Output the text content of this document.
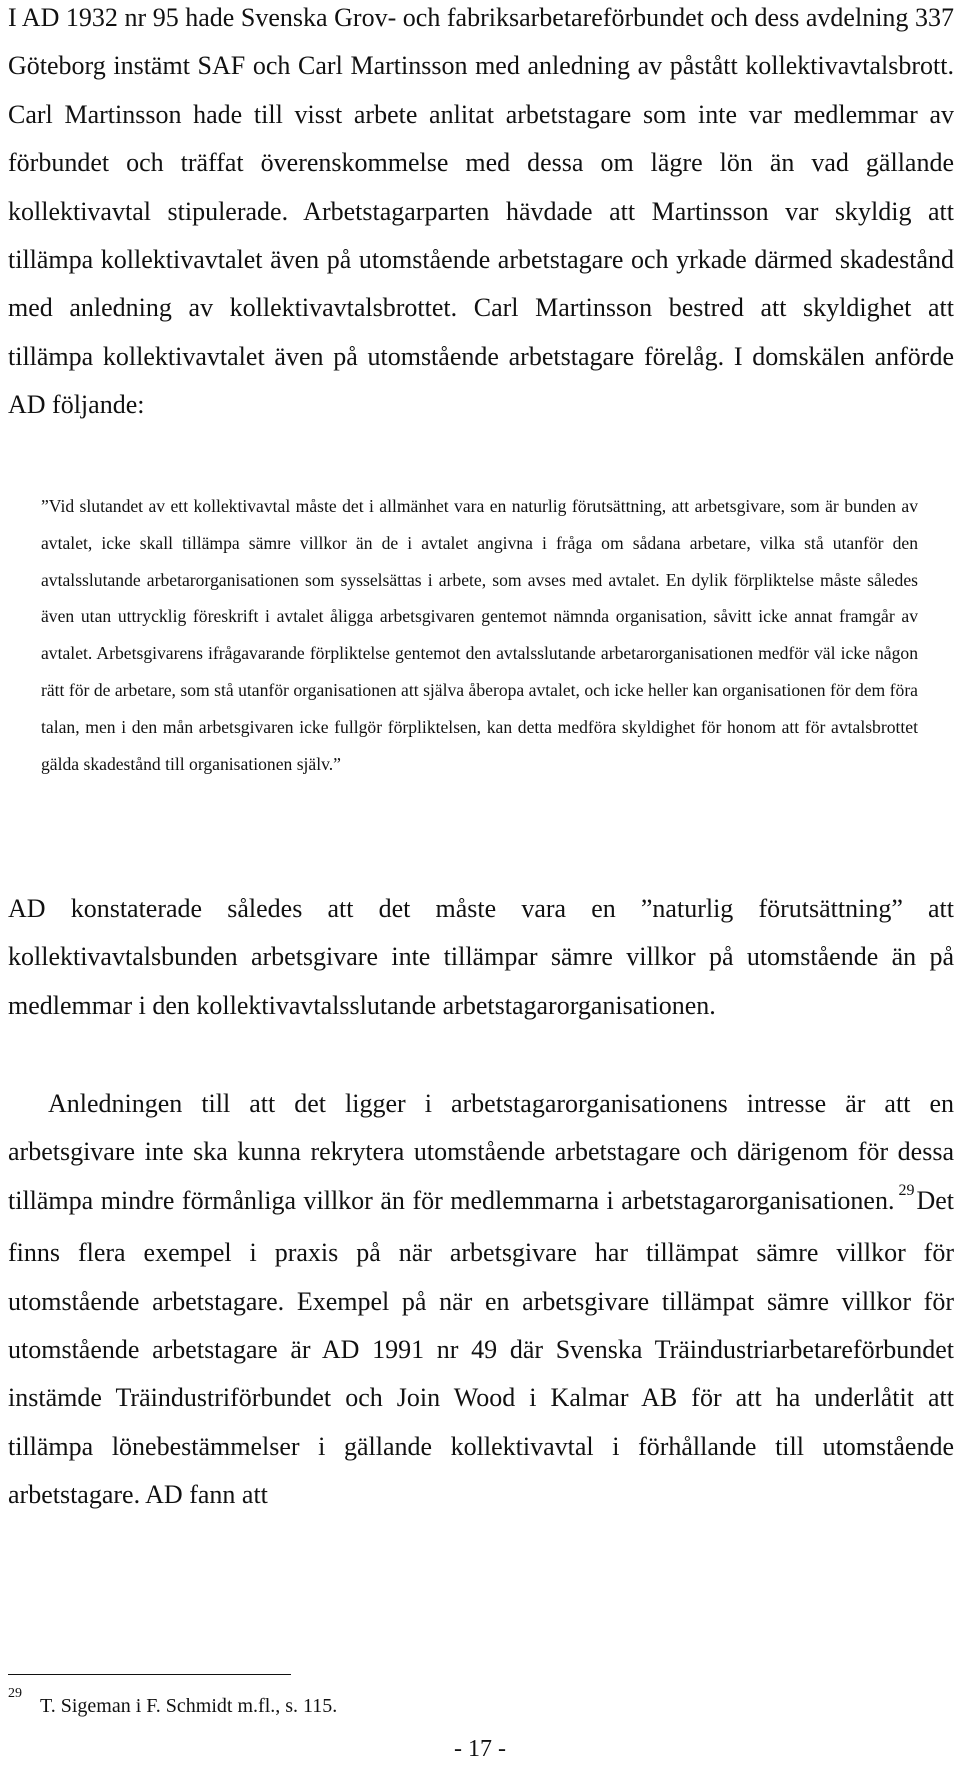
I AD 1932 nr 95 hade Svenska Grov- och fabriksarbetareförbundet och dess avdelning 337 Göteborg instämt SAF och Carl Martinsson med anledning av påstått kollektivavtalsbrott. Carl Martinsson hade till visst arbete anlitat arbetstagare som inte var medlemmar av förbundet och träffat överenskommelse med dessa om lägre lön än vad gällande kollektivavtal stipulerade. Arbetstagarparten hävdade att Martinsson var skyldig att tillämpa kollektivavtalet även på utomstående arbetstagare och yrkade därmed skadestånd med anledning av kollektivavtalsbrottet. Carl Martinsson bestred att skyldighet att tillämpa kollektivavtalet även på utomstående arbetstagare förelåg. I domskälen anförde AD följande:

”Vid slutandet av ett kollektivavtal måste det i allmänhet vara en naturlig förutsättning, att arbetsgivare, som är bunden av avtalet, icke skall tillämpa sämre villkor än de i avtalet angivna i fråga om sådana arbetare, vilka stå utanför den avtalsslutande arbetarorganisationen som sysselsättas i arbete, som avses med avtalet. En dylik förpliktelse måste således även utan uttrycklig föreskrift i avtalet åligga arbetsgivaren gentemot nämnda organisation, såvitt icke annat framgår av avtalet. Arbetsgivarens ifrågavarande förpliktelse gentemot den avtalsslutande arbetarorganisationen medför väl icke någon rätt för de arbetare, som stå utanför organisationen att själva åberopa avtalet, och icke heller kan organisationen för dem föra talan, men i den mån arbetsgivaren icke fullgör förpliktelsen, kan detta medföra skyldighet för honom att för avtalsbrottet gälda skadestånd till organisationen själv.”

AD konstaterade således att det måste vara en ”naturlig förutsättning” att kollektivavtalsbunden arbetsgivare inte tillämpar sämre villkor på utomstående än på medlemmar i den kollektivavtalsslutande arbetstagarorganisationen.

Anledningen till att det ligger i arbetstagarorganisationens intresse är att en arbetsgivare inte ska kunna rekrytera utomstående arbetstagare och därigenom för dessa tillämpa mindre förmånliga villkor än för medlemmarna i arbetstagarorganisationen. $^{29}$Det finns flera exempel i praxis på när arbetsgivare har tillämpat sämre villkor för utomstående arbetstagare. Exempel på när en arbetsgivare tillämpat sämre villkor för utomstående arbetstagare är AD 1991 nr 49 där Svenska Träindustriarbetareförbundet instämde Träindustriförbundet och Join Wood i Kalmar AB för att ha underlåtit att tillämpa lönebestämmelser i gällande kollektivavtal i förhållande till utomstående arbetstagare. AD fann att

29
T. Sigeman i F. Schmidt m.fl., s. 115.
- 17 -
